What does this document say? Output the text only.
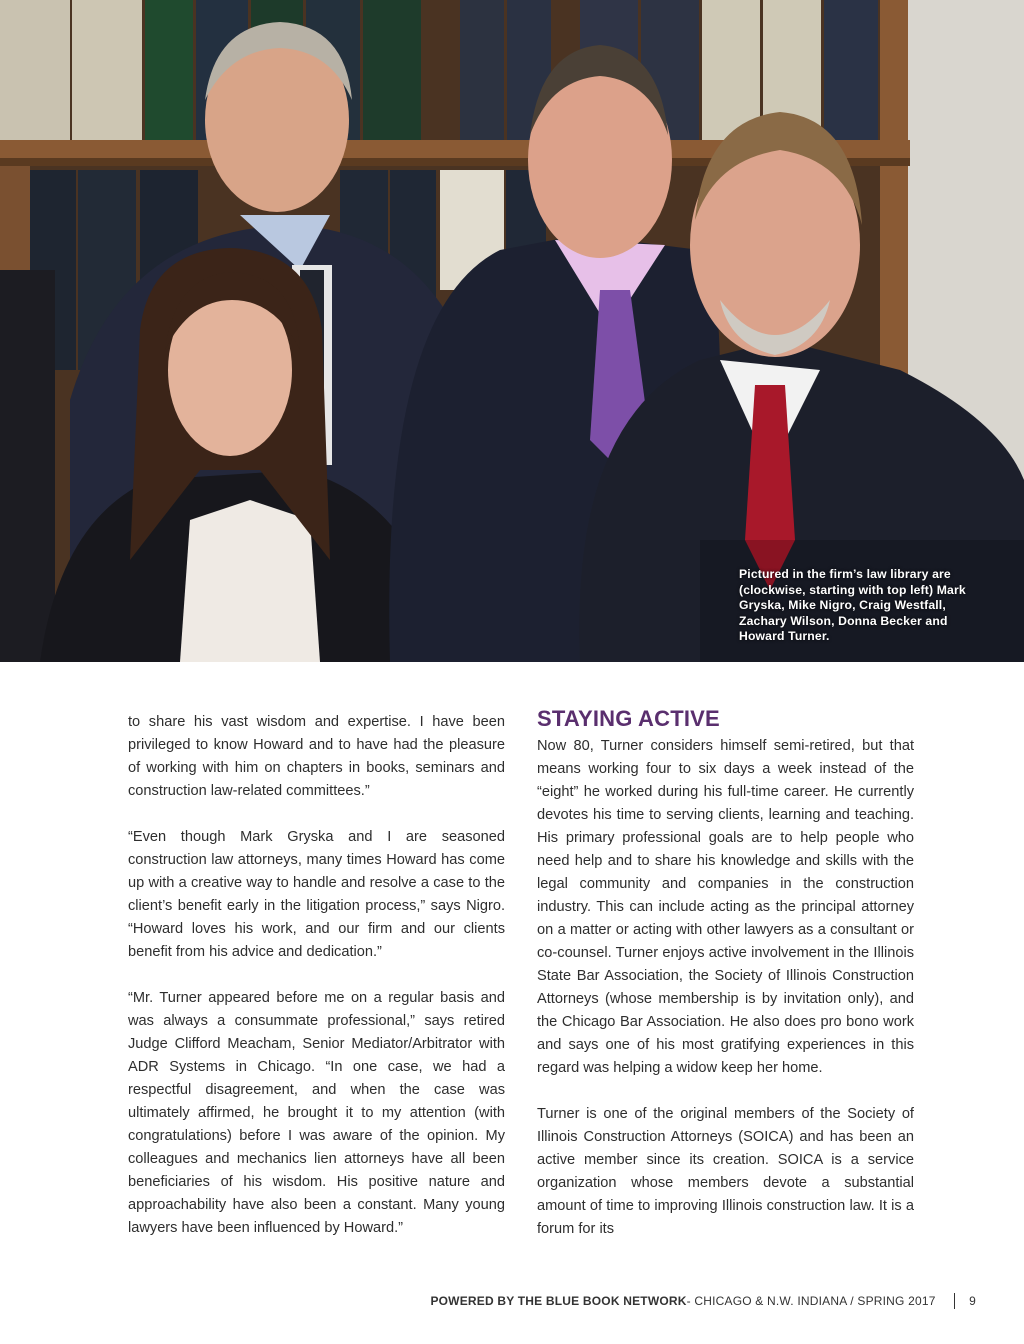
Pictured in the firm’s law library are (clockwise, starting with top left) Mark Gryska, Mike Nigro, Craig Westfall, Zachary Wilson, Donna Becker and Howard Turner.

to share his vast wisdom and expertise. I have been privileged to know Howard and to have had the pleasure of working with him on chapters in books, seminars and construction law-related committees.”

“Even though Mark Gryska and I are seasoned construction law attorneys, many times Howard has come up with a creative way to handle and resolve a case to the client’s benefit early in the litigation process,” says Nigro. “Howard loves his work, and our firm and our clients benefit from his advice and dedication.”

“Mr. Turner appeared before me on a regular basis and was always a consummate professional,” says retired Judge Clifford Meacham, Senior Mediator/Arbitrator with ADR Systems in Chicago. “In one case, we had a respectful disagreement, and when the case was ultimately affirmed, he brought it to my attention (with congratulations) before I was aware of the opinion. My colleagues and mechanics lien attorneys have all been beneficiaries of his wisdom. His positive nature and approachability have also been a constant. Many young lawyers have been influenced by Howard.”

STAYING ACTIVE

Now 80, Turner considers himself semi-retired, but that means working four to six days a week instead of the “eight” he worked during his full-time career. He currently devotes his time to serving clients, learning and teaching. His primary professional goals are to help people who need help and to share his knowledge and skills with the legal community and companies in the construction industry. This can include acting as the principal attorney on a matter or acting with other lawyers as a consultant or co-counsel. Turner enjoys active involvement in the Illinois State Bar Association, the Society of Illinois Construction Attorneys (whose membership is by invitation only), and the Chicago Bar Association. He also does pro bono work and says one of his most gratifying experiences in this regard was helping a widow keep her home.

Turner is one of the original members of the Society of Illinois Construction Attorneys (SOICA) and has been an active member since its creation. SOICA is a service organization whose members devote a substantial amount of time to improving Illinois construction law. It is a forum for its

POWERED BY THE BLUE BOOK NETWORK - CHICAGO & N.W. INDIANA / SPRING 2017	9
